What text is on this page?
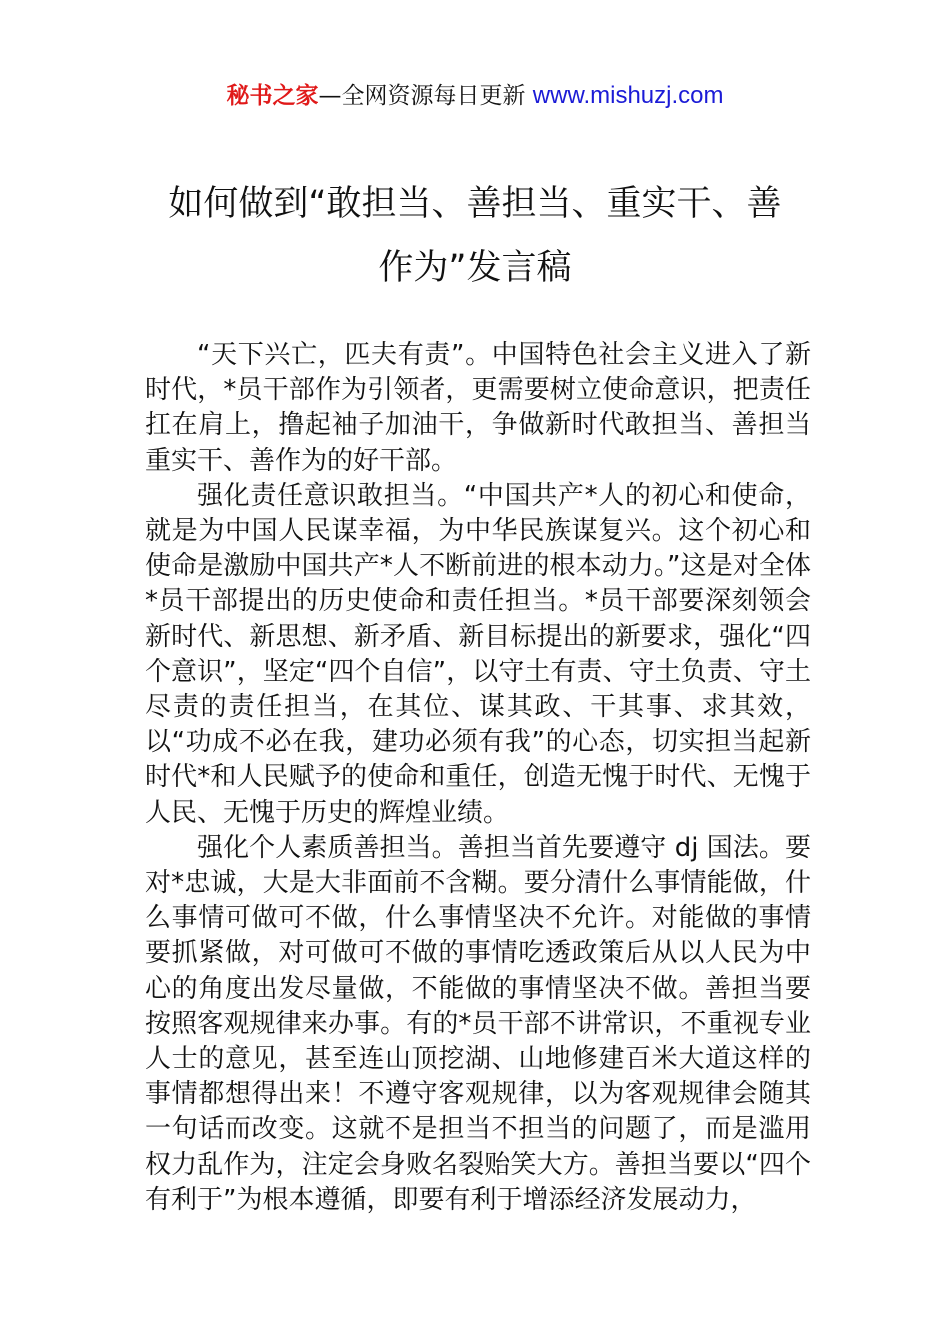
秘书之家—全网资源每日更新 www.mishuzj.com
如何做到“敢担当、善担当、重实干、善
作为”发言稿

“天下兴亡，匹夫有责”。中国特色社会主义进入了新时代，*员干部作为引领者，更需要树立使命意识，把责任扛在肩上，撸起袖子加油干，争做新时代敢担当、善担当重实干、善作为的好干部。

强化责任意识敢担当。“中国共产*人的初心和使命，就是为中国人民谋幸福，为中华民族谋复兴。这个初心和使命是激励中国共产*人不断前进的根本动力。”这是对全体*员干部提出的历史使命和责任担当。*员干部要深刻领会新时代、新思想、新矛盾、新目标提出的新要求，强化“四个意识”，坚定“四个自信”，以守土有责、守土负责、守土尽责的责任担当，在其位、谋其政、干其事、求其效，以“功成不必在我，建功必须有我”的心态，切实担当起新时代*和人民赋予的使命和重任，创造无愧于时代、无愧于人民、无愧于历史的辉煌业绩。

强化个人素质善担当。善担当首先要遵守 dj 国法。要对*忠诚，大是大非面前不含糊。要分清什么事情能做，什么事情可做可不做，什么事情坚决不允许。对能做的事情要抓紧做，对可做可不做的事情吃透政策后从以人民为中心的角度出发尽量做，不能做的事情坚决不做。善担当要按照客观规律来办事。有的*员干部不讲常识，不重视专业人士的意见，甚至连山顶挖湖、山地修建百米大道这样的事情都想得出来！不遵守客观规律，以为客观规律会随其一句话而改变。这就不是担当不担当的问题了，而是滥用权力乱作为，注定会身败名裂贻笑大方。善担当要以“四个有利于”为根本遵循，即要有利于增添经济发展动力，
